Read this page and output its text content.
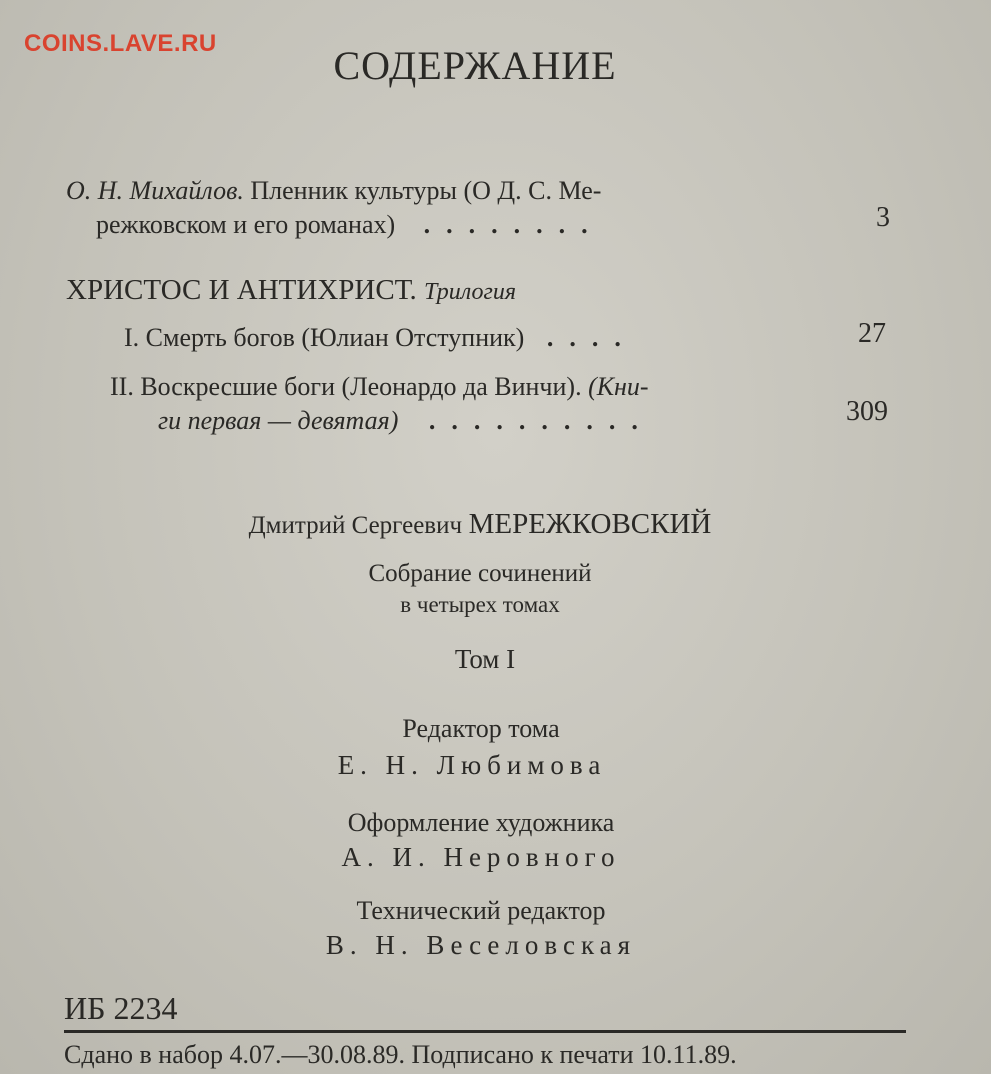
COINS.LAVE.RU	СОДЕРЖАНИЕ
О. Н. Михайлов. Пленник культуры (О Д. С. Ме-
режковском и его романах) ........	3
ХРИСТОС И АНТИХРИСТ. Трилогия
I. Смерть богов (Юлиан Отступник) ....	27
II. Воскресшие боги (Леонардо да Винчи). (Кни-
ги первая — девятая) ..........	309
Дмитрий Сергеевич МЕРЕЖКОВСКИЙ
Собрание сочинений
в четырех томах
Том I
Редактор тома
Е. Н. Любимова
Оформление художника
А. И. Неровного
Технический редактор
В. Н. Веселовская
ИБ 2234
Сдано в набор 4.07.—30.08.89. Подписано к печати 10.11.89.
